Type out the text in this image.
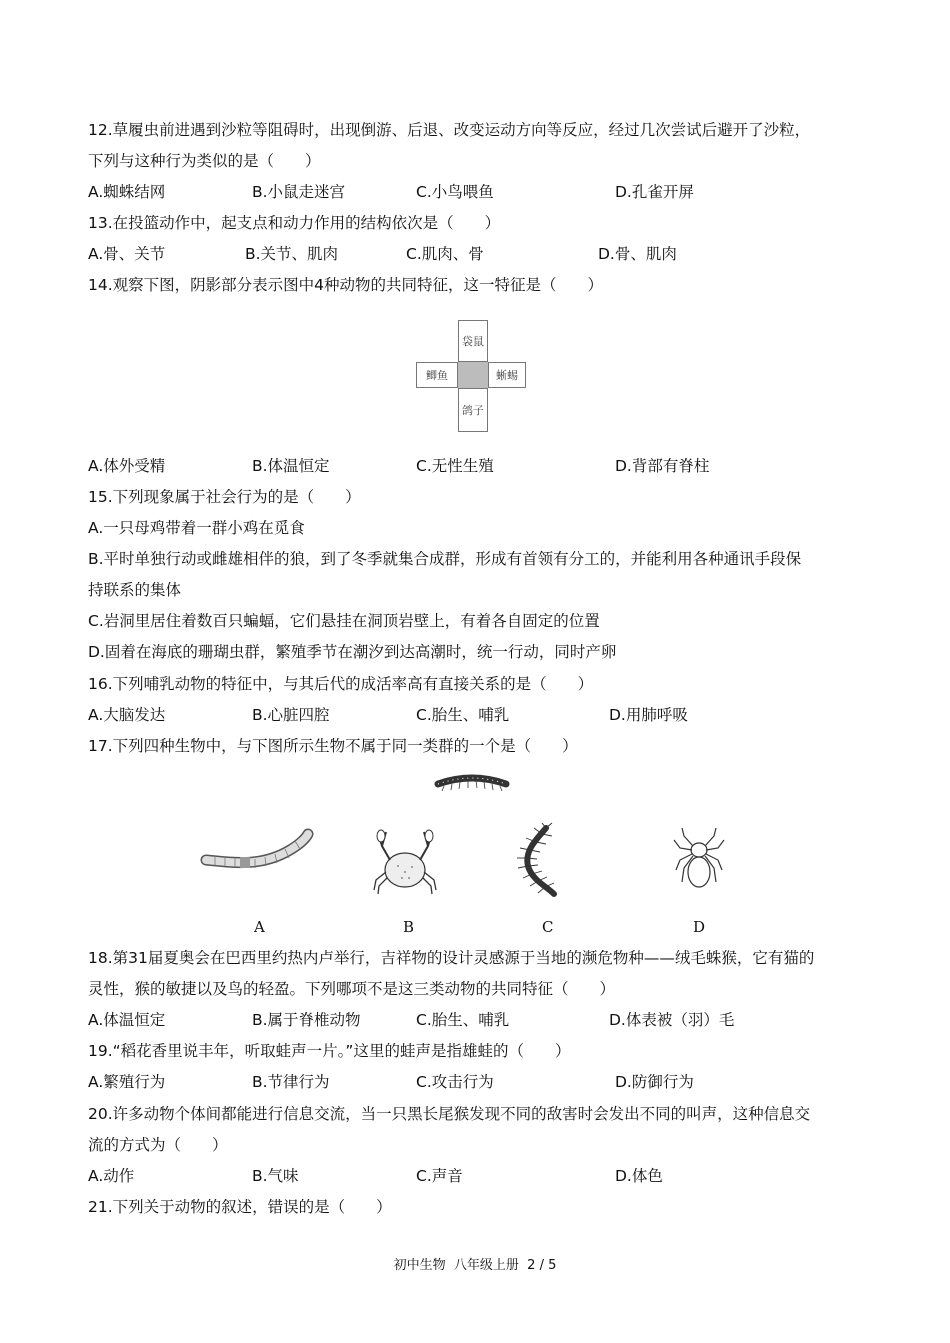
12.草履虫前进遇到沙粒等阻碍时，出现倒游、后退、改变运动方向等反应，经过几次尝试后避开了沙粒，
下列与这种行为类似的是（　　）
A.蜘蛛结网	B.小鼠走迷宫	C.小鸟喂鱼	D.孔雀开屏
13.在投篮动作中，起支点和动力作用的结构依次是（　　）
A.骨、关节	B.关节、肌肉	C.肌肉、骨	D.骨、肌肉
14.观察下图，阴影部分表示图中4种动物的共同特征，这一特征是（　　）
袋鼠
鲫鱼	蜥蜴
鸽子
A.体外受精	B.体温恒定	C.无性生殖	D.背部有脊柱
15.下列现象属于社会行为的是（　　）
A.一只母鸡带着一群小鸡在觅食
B.平时单独行动或雌雄相伴的狼，到了冬季就集合成群，形成有首领有分工的，并能利用各种通讯手段保
持联系的集体
C.岩洞里居住着数百只蝙蝠，它们悬挂在洞顶岩壁上，有着各自固定的位置
D.固着在海底的珊瑚虫群，繁殖季节在潮汐到达高潮时，统一行动，同时产卵
16.下列哺乳动物的特征中，与其后代的成活率高有直接关系的是（　　）
A.大脑发达	B.心脏四腔	C.胎生、哺乳	D.用肺呼吸
17.下列四种生物中，与下图所示生物不属于同一类群的一个是（　　）
A	B	C	D
18.第31届夏奥会在巴西里约热内卢举行，吉祥物的设计灵感源于当地的濒危物种——绒毛蛛猴，它有猫的
灵性，猴的敏捷以及鸟的轻盈。下列哪项不是这三类动物的共同特征（　　）
A.体温恒定	B.属于脊椎动物	C.胎生、哺乳	D.体表被（羽）毛
19.“稻花香里说丰年，听取蛙声一片。”这里的蛙声是指雄蛙的（　　）
A.繁殖行为	B.节律行为	C.攻击行为	D.防御行为
20.许多动物个体间都能进行信息交流，当一只黑长尾猴发现不同的敌害时会发出不同的叫声，这种信息交
流的方式为（　　）
A.动作	B.气味	C.声音	D.体色
21.下列关于动物的叙述，错误的是（　　）
初中生物  八年级上册  2 / 5
